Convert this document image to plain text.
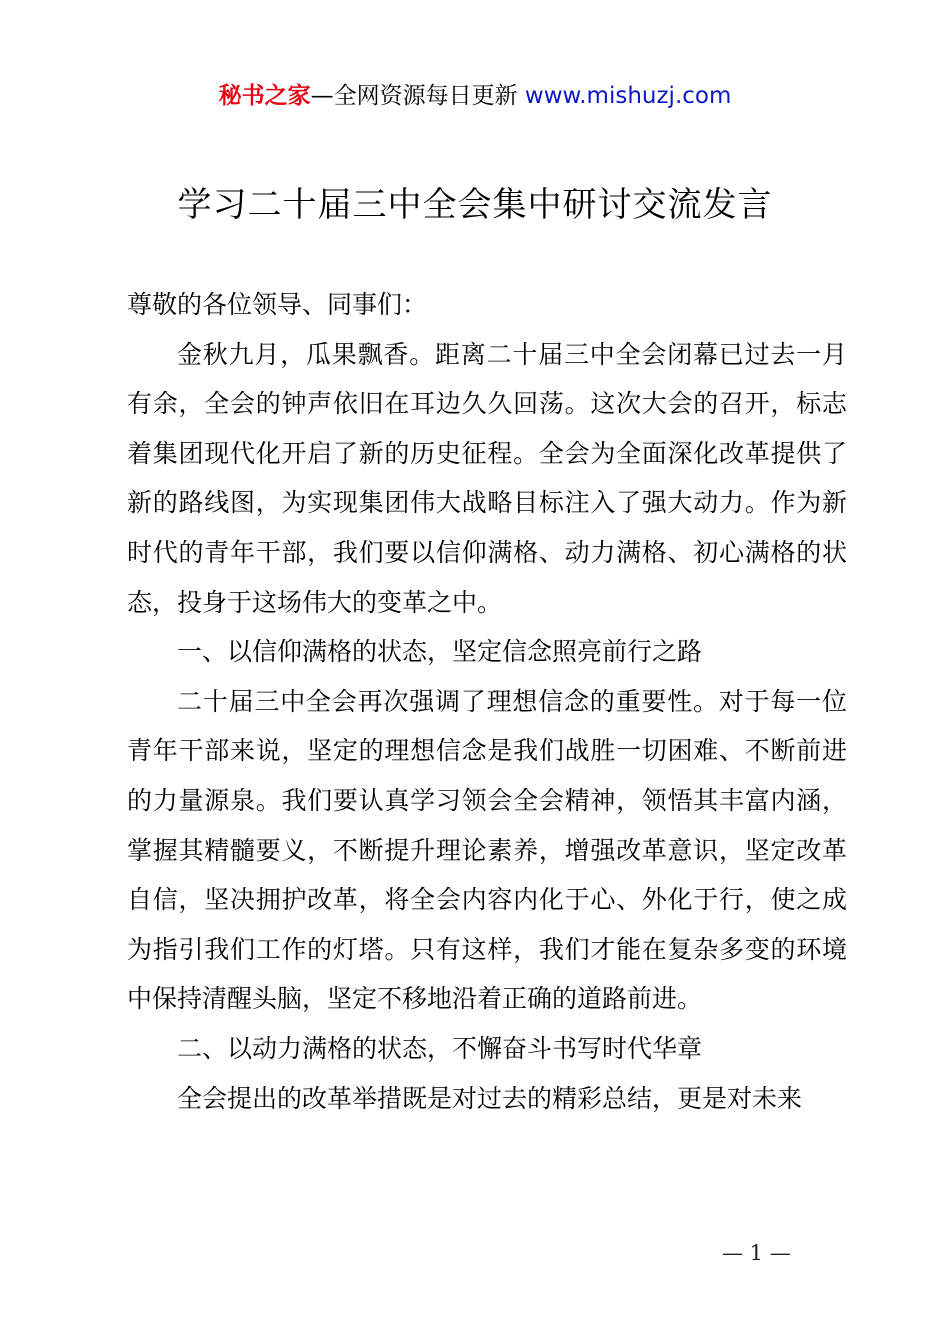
秘书之家—全网资源每日更新 www.mishuzj.com
学习二十届三中全会集中研讨交流发言

尊敬的各位领导、同事们：

金秋九月，瓜果飘香。距离二十届三中全会闭幕已过去一月有余，全会的钟声依旧在耳边久久回荡。这次大会的召开，标志着集团现代化开启了新的历史征程。全会为全面深化改革提供了新的路线图，为实现集团伟大战略目标注入了强大动力。作为新时代的青年干部，我们要以信仰满格、动力满格、初心满格的状态，投身于这场伟大的变革之中。

一、以信仰满格的状态，坚定信念照亮前行之路

二十届三中全会再次强调了理想信念的重要性。对于每一位青年干部来说，坚定的理想信念是我们战胜一切困难、不断前进的力量源泉。我们要认真学习领会全会精神，领悟其丰富内涵，掌握其精髓要义，不断提升理论素养，增强改革意识，坚定改革自信，坚决拥护改革，将全会内容内化于心、外化于行，使之成为指引我们工作的灯塔。只有这样，我们才能在复杂多变的环境中保持清醒头脑，坚定不移地沿着正确的道路前进。

二、以动力满格的状态，不懈奋斗书写时代华章

全会提出的改革举措既是对过去的精彩总结，更是对未来

— 1 —
